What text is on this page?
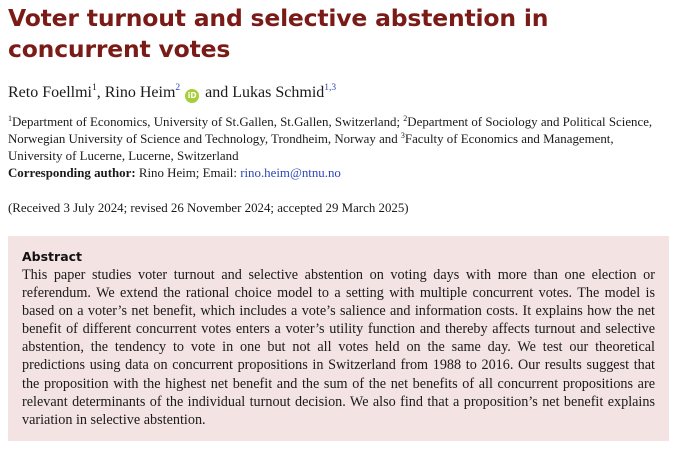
Voter turnout and selective abstention in concurrent votes
Reto Foellmi$^1$, Rino Heim$^2$iD and Lukas Schmid$^{1,3}$
$^1$Department of Economics, University of St.Gallen, St.Gallen, Switzerland; $^2$Department of Sociology and Political Science, Norwegian University of Science and Technology, Trondheim, Norway and $^3$Faculty of Economics and Management, University of Lucerne, Lucerne, Switzerland
Corresponding author: Rino Heim; Email: rino.heim@ntnu.no
(Received 3 July 2024; revised 26 November 2024; accepted 29 March 2025)
Abstract
This paper studies voter turnout and selective abstention on voting days with more than one election or referendum. We extend the rational choice model to a setting with multiple concurrent votes. The model is based on a voter’s net benefit, which includes a vote’s salience and information costs. It explains how the net benefit of different concurrent votes enters a voter’s utility function and thereby affects turnout and selective abstention, the tendency to vote in one but not all votes held on the same day. We test our theoretical predictions using data on concurrent propositions in Switzerland from 1988 to 2016. Our results suggest that the proposition with the highest net benefit and the sum of the net benefits of all concurrent propositions are relevant determinants of the individual turnout decision. We also find that a proposition’s net benefit explains variation in selective abstention.
